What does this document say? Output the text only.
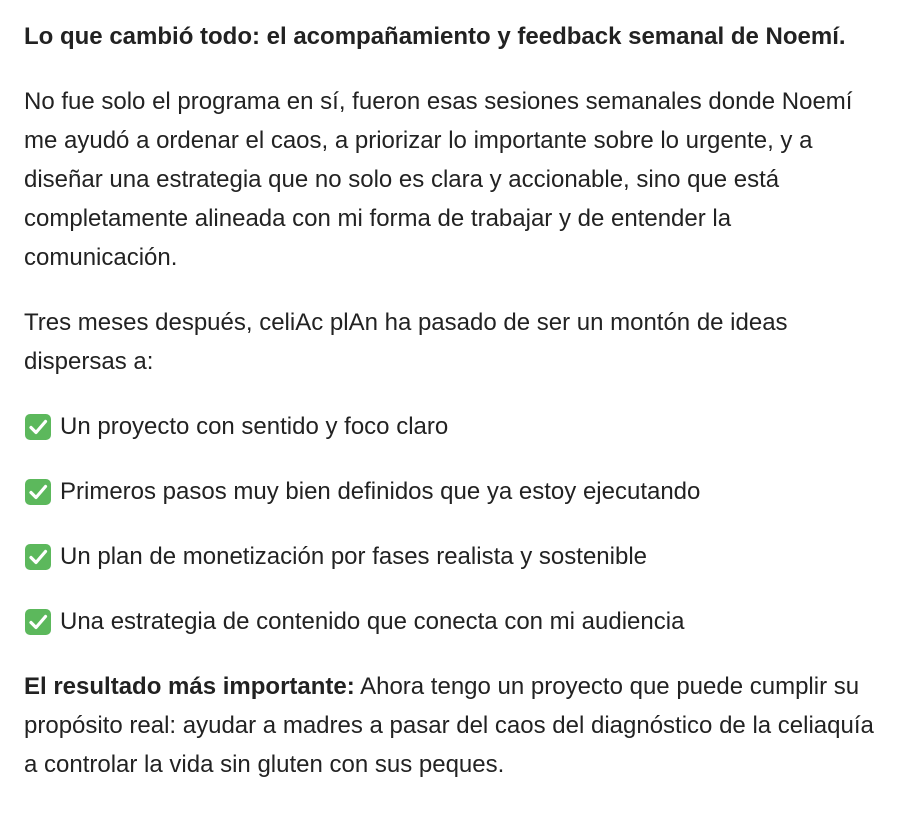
Lo que cambió todo: el acompañamiento y feedback semanal de Noemí.

No fue solo el programa en sí, fueron esas sesiones semanales donde Noemí me ayudó a ordenar el caos, a priorizar lo importante sobre lo urgente, y a diseñar una estrategia que no solo es clara y accionable, sino que está completamente alineada con mi forma de trabajar y de entender la comunicación.

Tres meses después, celiAc plAn ha pasado de ser un montón de ideas dispersas a:

Un proyecto con sentido y foco claro
Primeros pasos muy bien definidos que ya estoy ejecutando
Un plan de monetización por fases realista y sostenible
Una estrategia de contenido que conecta con mi audiencia

El resultado más importante: Ahora tengo un proyecto que puede cumplir su propósito real: ayudar a madres a pasar del caos del diagnóstico de la celiaquía a controlar la vida sin gluten con sus peques.
